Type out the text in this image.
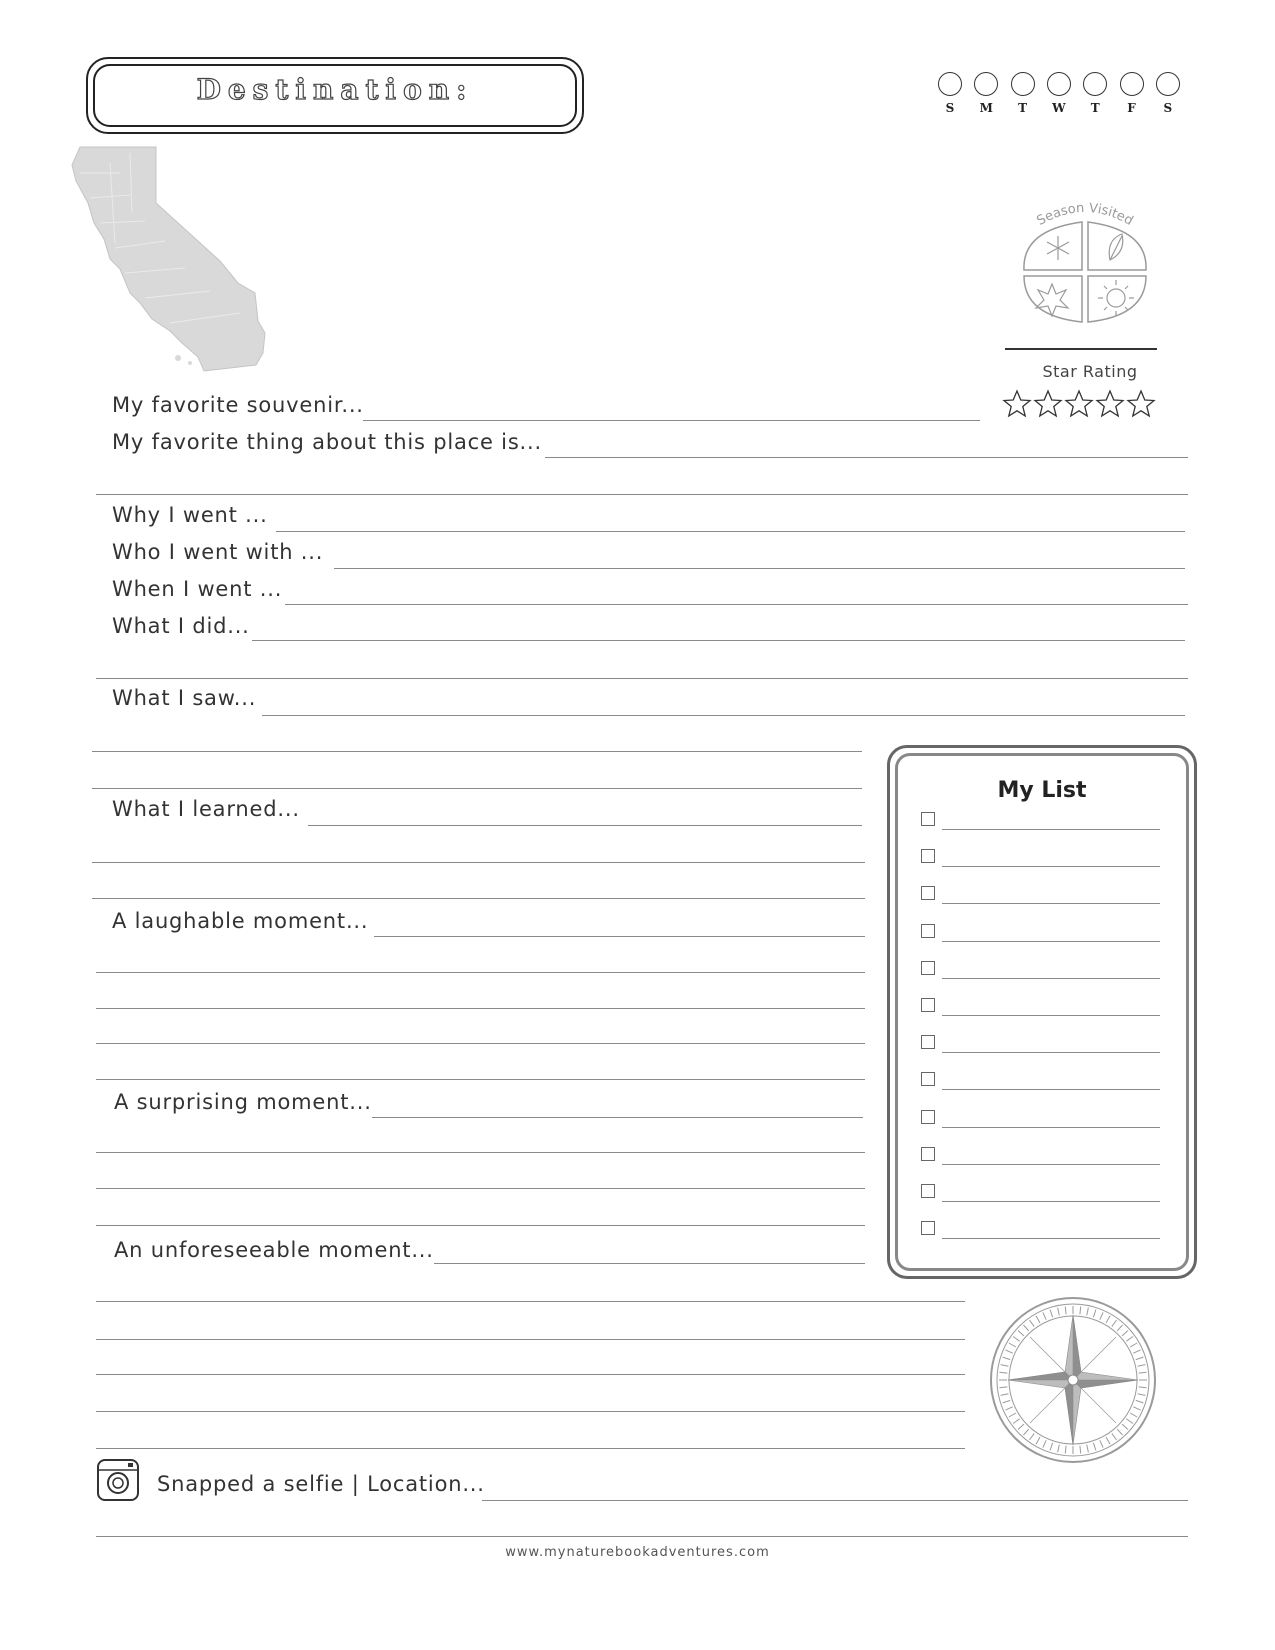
Destination:
S	M	T	W	T	F	S
Season Visited
Star Rating
My favorite souvenir...
My favorite thing about this place is...
Why I went ...
Who I went with ...
When I went ...
What I did...
What I saw...
What I learned...
A laughable moment...
A surprising moment...
An unforeseeable moment...
My List
Snapped a selfie | Location...
www.mynaturebookadventures.com
